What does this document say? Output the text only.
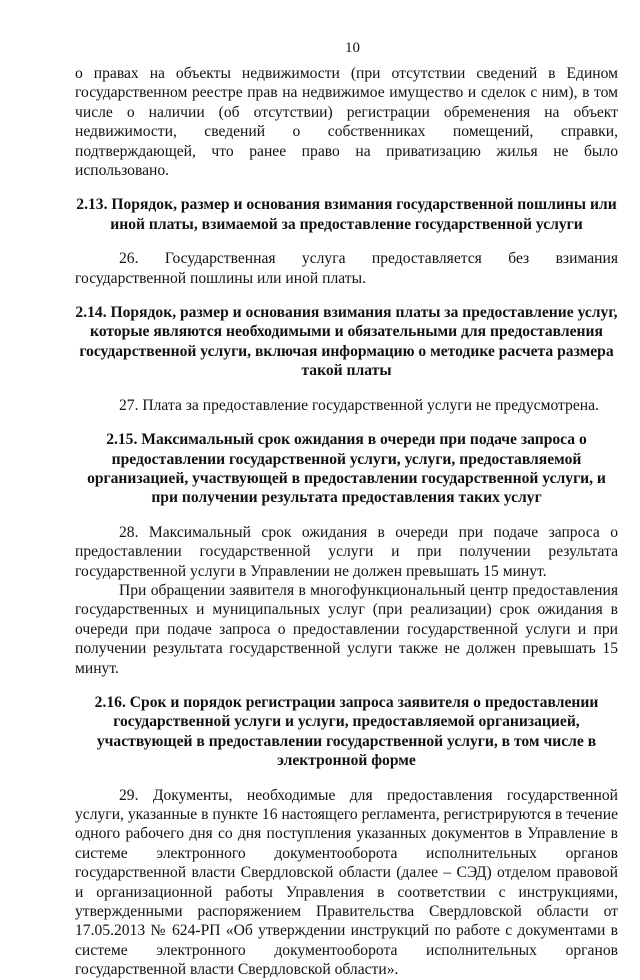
10

о правах на объекты недвижимости (при отсутствии сведений в Едином государственном реестре прав на недвижимое имущество и сделок с ним), в том числе о наличии (об отсутствии) регистрации обременения на объект недвижимости, сведений о собственниках помещений, справки, подтверждающей, что ранее право на приватизацию жилья не было использовано.

2.13. Порядок, размер и основания взимания государственной пошлины или иной платы, взимаемой за предоставление государственной услуги

26. Государственная услуга предоставляется без взимания государственной пошлины или иной платы.

2.14. Порядок, размер и основания взимания платы за предоставление услуг, которые являются необходимыми и обязательными для предоставления государственной услуги, включая информацию о методике расчета размера такой платы

27. Плата за предоставление государственной услуги не предусмотрена.

2.15. Максимальный срок ожидания в очереди при подаче запроса о предоставлении государственной услуги, услуги, предоставляемой организацией, участвующей в предоставлении государственной услуги, и при получении результата предоставления таких услуг

28. Максимальный срок ожидания в очереди при подаче запроса о предоставлении государственной услуги и при получении результата государственной услуги в Управлении не должен превышать 15 минут.

При обращении заявителя в многофункциональный центр предоставления государственных и муниципальных услуг (при реализации) срок ожидания в очереди при подаче запроса о предоставлении государственной услуги и при получении результата государственной услуги также не должен превышать 15 минут.

2.16. Срок и порядок регистрации запроса заявителя о предоставлении государственной услуги и услуги, предоставляемой организацией, участвующей в предоставлении государственной услуги, в том числе в электронной форме

29. Документы, необходимые для предоставления государственной услуги, указанные в пункте 16 настоящего регламента, регистрируются в течение одного рабочего дня со дня поступления указанных документов в Управление в системе электронного документооборота исполнительных органов государственной власти Свердловской области (далее – СЭД) отделом правовой и организационной работы Управления в соответствии с инструкциями, утвержденными распоряжением Правительства Свердловской области от 17.05.2013 № 624-РП «Об утверждении инструкций по работе с документами в системе электронного документооборота исполнительных органов государственной власти Свердловской области».
